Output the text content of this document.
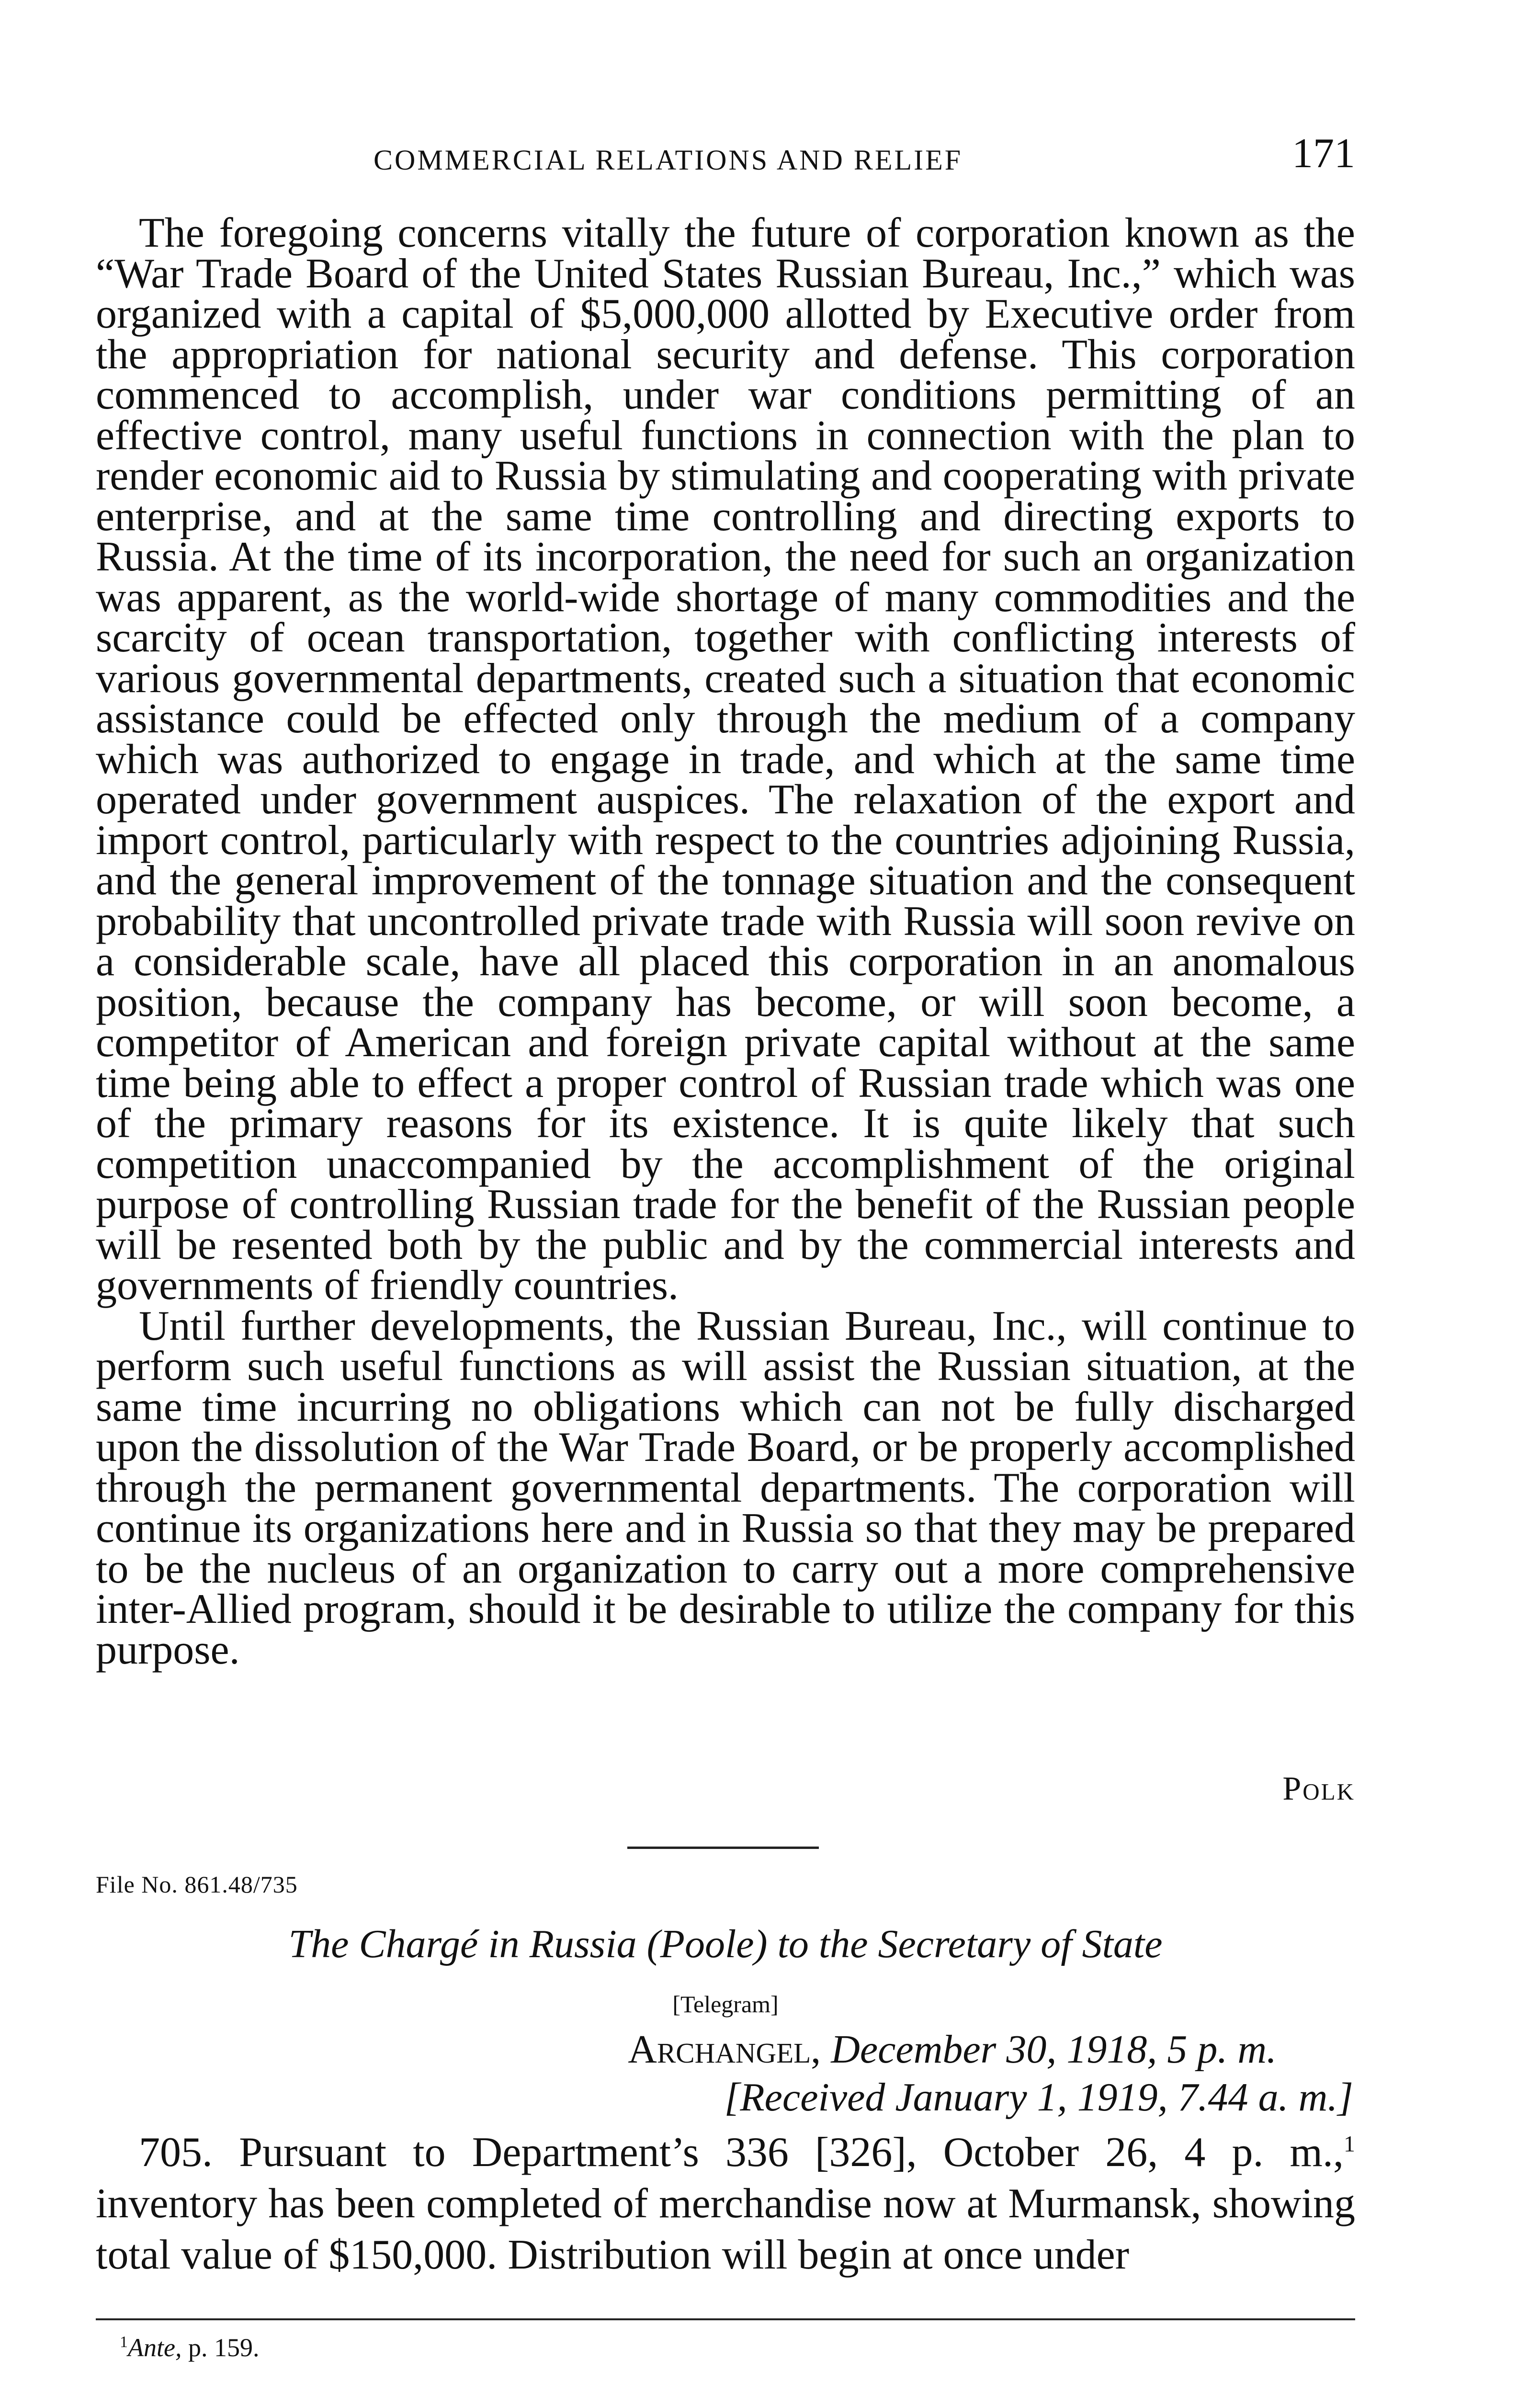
COMMERCIAL RELATIONS AND RELIEF	171

The foregoing concerns vitally the future of corporation known as the “War Trade Board of the United States Russian Bureau, Inc.,” which was organized with a capital of $5,000,000 allotted by Executive order from the appropriation for national security and defense. This corporation commenced to accomplish, under war conditions permitting of an effective control, many useful functions in connection with the plan to render economic aid to Russia by stimulating and cooperating with private enterprise, and at the same time controlling and directing exports to Russia. At the time of its incorporation, the need for such an organization was apparent, as the world-wide shortage of many commodities and the scarcity of ocean transportation, together with conflicting interests of various governmental departments, created such a situation that economic assistance could be effected only through the medium of a company which was authorized to engage in trade, and which at the same time operated under government auspices. The relaxation of the export and import control, particularly with respect to the countries adjoining Russia, and the general improvement of the tonnage situation and the consequent probability that uncontrolled private trade with Russia will soon revive on a considerable scale, have all placed this corporation in an anomalous position, because the company has become, or will soon become, a competitor of American and foreign private capital without at the same time being able to effect a proper control of Russian trade which was one of the primary reasons for its existence. It is quite likely that such competition unaccompanied by the accomplishment of the original purpose of controlling Russian trade for the benefit of the Russian people will be resented both by the public and by the commercial interests and governments of friendly countries.

Until further developments, the Russian Bureau, Inc., will continue to perform such useful functions as will assist the Russian situation, at the same time incurring no obligations which can not be fully discharged upon the dissolution of the War Trade Board, or be properly accomplished through the permanent governmental departments. The corporation will continue its organizations here and in Russia so that they may be prepared to be the nucleus of an organization to carry out a more comprehensive inter-Allied program, should it be desirable to utilize the company for this purpose.

Polk
File No. 861.48/735
The Chargé in Russia (Poole) to the Secretary of State
[Telegram]
Archangel, December 30, 1918, 5 p. m.
[Received January 1, 1919, 7.44 a. m.]

705. Pursuant to Department’s 336 [326], October 26, 4 p. m.,$^1$ inventory has been completed of merchandise now at Murmansk, showing total value of $150,000. Distribution will begin at once under

$^1$Ante, p. 159.
